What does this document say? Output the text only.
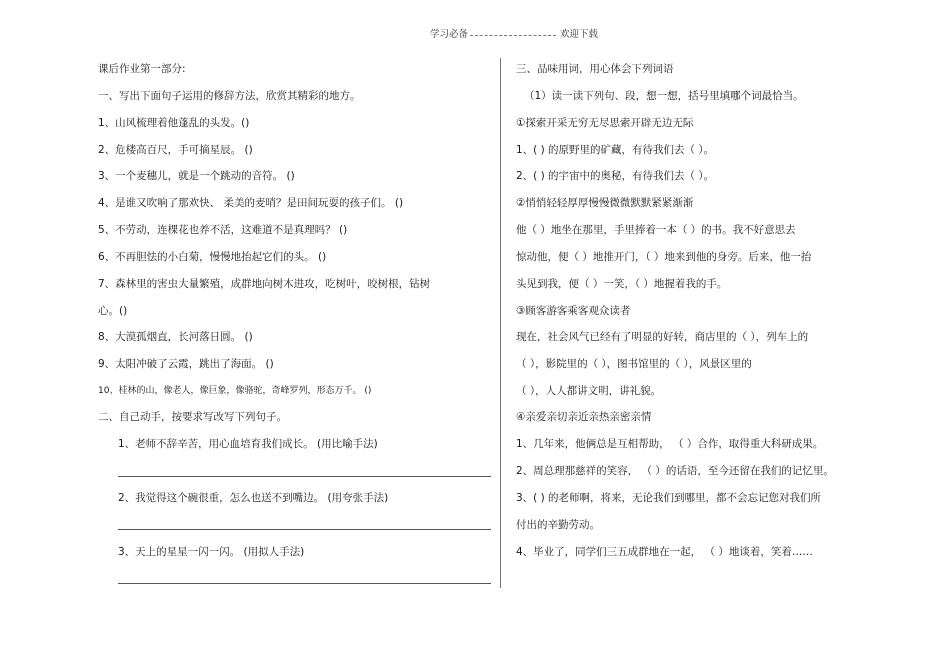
学习必备	欢迎下载
课后作业第一部分:
一、写出下面句子运用的修辞方法，欣赏其精彩的地方。
1、山风梳理着他蓬乱的头发。()
2、危楼高百尺，手可摘星辰。 ()
3、一个麦穗儿，就是一个跳动的音符。 ()
4、是谁又吹响了那欢快、 柔美的麦哨？是田间玩耍的孩子们。 ()
5、不劳动，连棵花也养不活，这难道不是真理吗？ ()
6、不再胆怯的小白菊，慢慢地抬起它们的头。 ()
7、森林里的害虫大量繁殖，成群地向树木进攻，吃树叶，咬树根，钻树
心。()
8、大漠孤烟直，长河落日圆。 ()
9、太阳冲破了云霞，跳出了海面。 ()
10、桂林的山，像老人，像巨象，像骆驼，奇峰罗列，形态万千。 ()
二、自己动手，按要求写改写下列句子。
1、老师不辞辛苦，用心血培育我们成长。 (用比喻手法)
2、我觉得这个碗很重，怎么也送不到嘴边。 (用夸张手法)
3、天上的星星一闪一闪。 (用拟人手法)
三、品味用词，用心体会下列词语
（1）读一读下列句、段，想一想，括号里填哪个词最恰当。
①探索开采无穷无尽思索开辟无边无际
1、( ) 的原野里的矿藏，有待我们去（ ）。
2、( ) 的宇宙中的奥秘，有待我们去（ ）。
②悄悄轻轻厚厚慢慢微微默默紧紧渐渐
他（ ）地坐在那里，手里捧着一本（ ）的书。我不好意思去
惊动他，便（ ）地推开门，（ ）地来到他的身旁。后来，他一抬
头见到我，便（ ）一笑，（ ）地握着我的手。
③顾客游客乘客观众读者
现在，社会风气已经有了明显的好转，商店里的（ ），列车上的
（ ），影院里的（ ），图书馆里的（ ），风景区里的
（ ），人人都讲文明，讲礼貌。
④亲爱亲切亲近亲热亲密亲情
1、几年来，他俩总是互相帮助， （ ）合作，取得重大科研成果。
2、周总理那慈祥的笑容， （ ）的话语，至今还留在我们的记忆里。
3、( ) 的老师啊，将来，无论我们到哪里，都不会忘记您对我们所
付出的辛勤劳动。
4、毕业了，同学们三五成群地在一起， （ ）地谈着，笑着……
